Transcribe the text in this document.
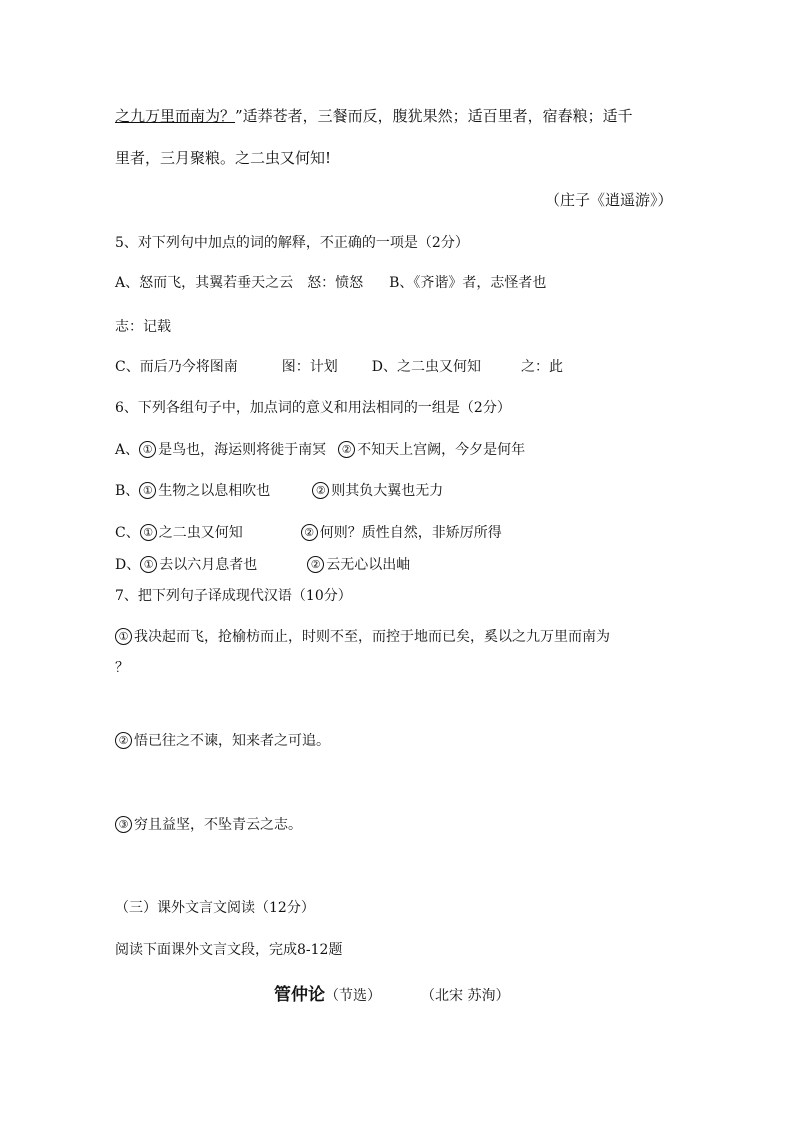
之九万里而南为？”适莽苍者，三餐而反，腹犹果然；适百里者，宿舂粮；适千
里者，三月聚粮。之二虫又何知!
（庄子《逍遥游》）
5、对下列句中加点的词的解释，不正确的一项是（2分）
A、怒而飞，其翼若垂天之云　怒：愤怒 B、《齐谐》者，志怪者也
志：记载
C、而后乃今将图南	图：计划 D、之二虫又何知	之：此
6、下列各组句子中，加点词的意义和用法相同的一组是（2分）
A、 ① 是鸟也，海运则将徙于南冥 ② 不知天上宫阙，今夕是何年
B、 ① 生物之以息相吹也	② 则其负大翼也无力
C、 ① 之二虫又何知	② 何则？质性自然，非矫厉所得
D、 ① 去以六月息者也	② 云无心以出岫
7、把下列句子译成现代汉语（10分）
① 我决起而飞，抢榆枋而止，时则不至，而控于地而已矣，奚以之九万里而南为
？
② 悟已往之不谏，知来者之可追。
③ 穷且益坚，不坠青云之志。
（三）课外文言文阅读（12分）
阅读下面课外文言文段，完成8-12题
管仲论（节选）	（北宋 苏洵）
